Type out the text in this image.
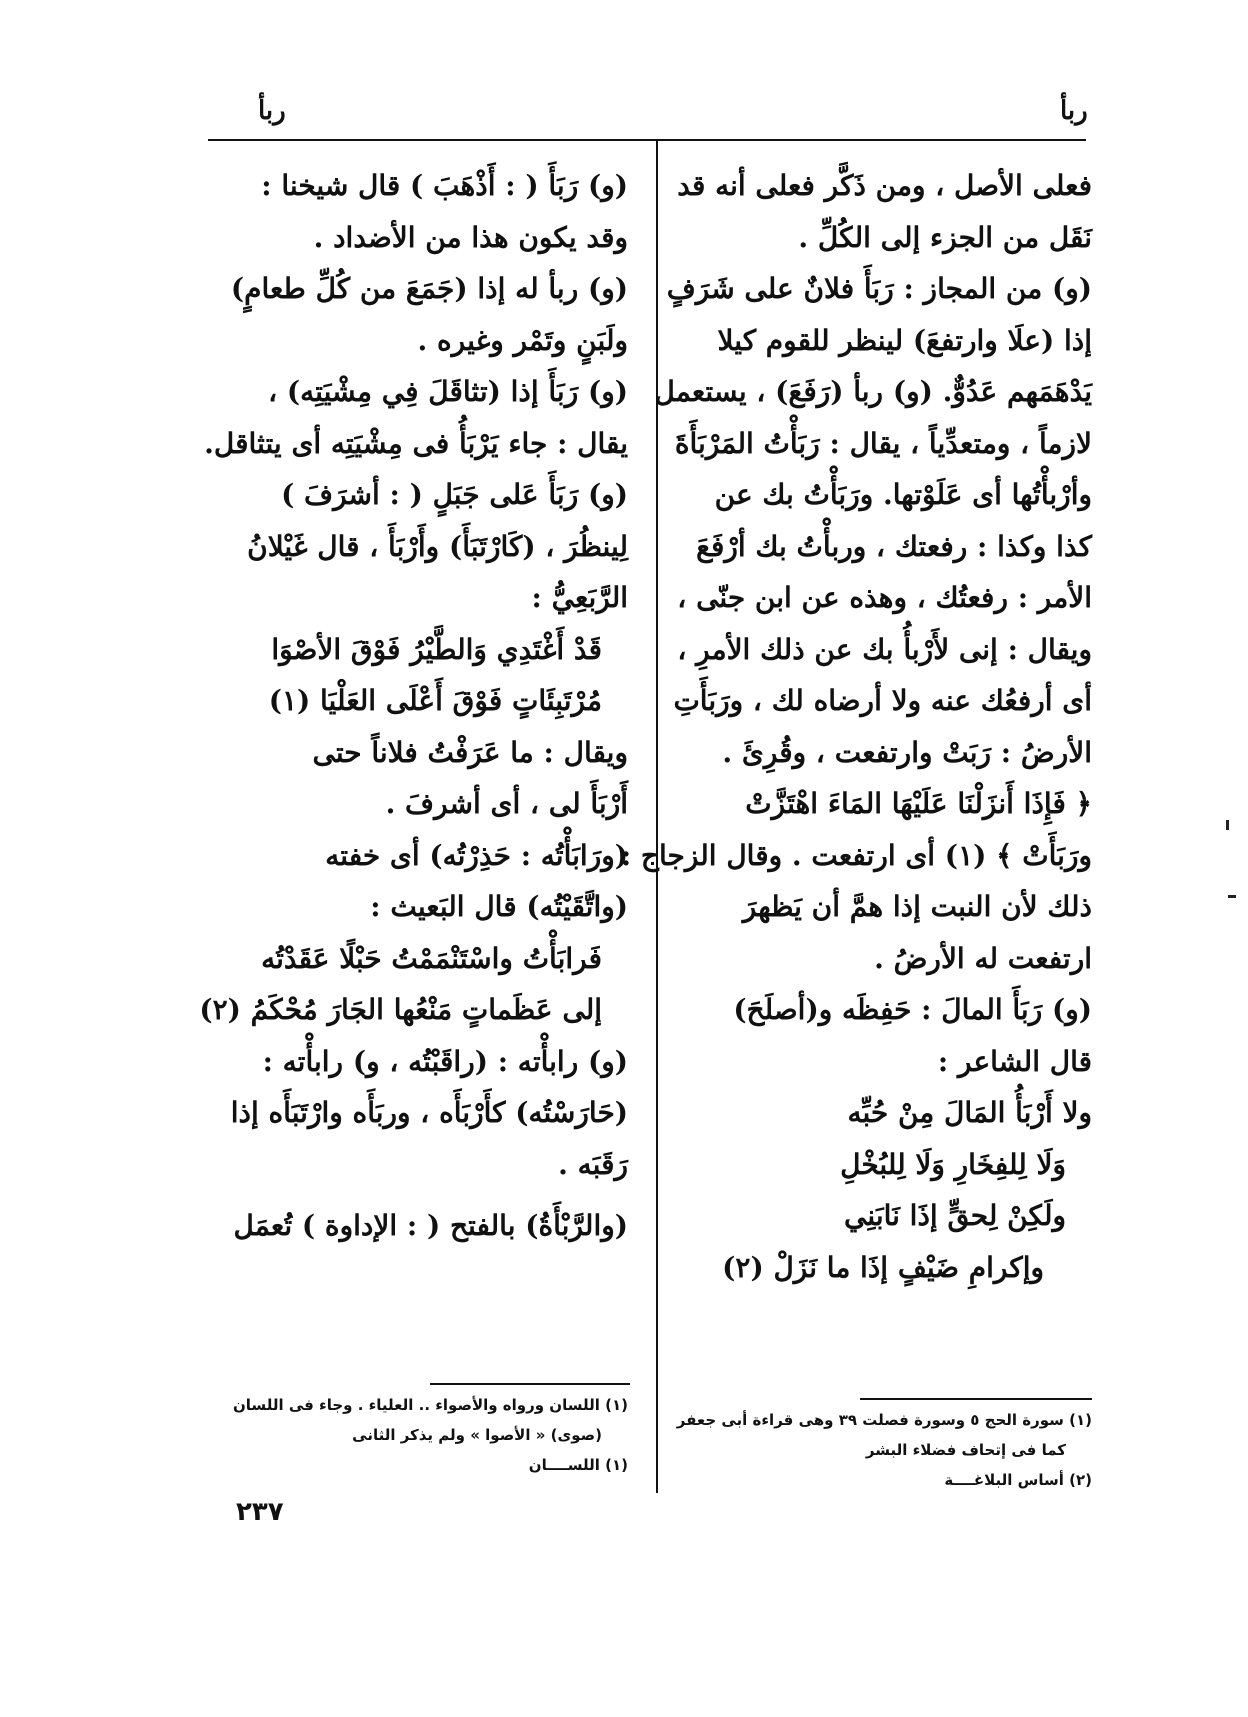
ربأ
ربأ
فعلى الأصل ، ومن ذَكَّر فعلى أنه قد
نَقَل من الجزء إلى الكُلِّ .
(و) من المجاز : رَبَأَ فلانٌ على شَرَفٍ
إذا (علَا وارتفعَ) لينظر للقوم كيلا
يَدْهَمَهم عَدُوٌّ. (و) ربأ (رَفَعَ) ، يستعمل
لازماً ، ومتعدِّياً ، يقال : رَبَأْتُ المَرْبَأَةَ
وأرْبأْتُها أى عَلَوْتها. ورَبَأْتُ بك عن
كذا وكذا : رفعتك ، وربأْتُ بك أرْفَعَ
الأمر : رفعتُك ، وهذه عن ابن جنّى ،
ويقال : إنى لأَرْبأُ بك عن ذلك الأمرِ ،
أى أرفعُك عنه ولا أرضاه لك ، ورَبَأَتِ
الأرضُ : رَبَتْ وارتفعت ، وقُرِئَ .
﴿ فَإِذَا أَنزَلْنَا عَلَيْهَا المَاءَ اهْتَزَّتْ
ورَبَأَتْ ﴾ (١) أى ارتفعت . وقال الزجاج :
ذلك لأن النبت إذا همَّ أن يَظهرَ
ارتفعت له الأرضُ .
(و) رَبَأَ المالَ : حَفِظَه و(أصلَحَ)
قال الشاعر :
ولا أَرْبَأُ المَالَ مِنْ حُبِّه
وَلَا لِلفِخَارِ وَلَا لِلبُخْلِ
ولَكِنْ لِحقٍّ إذَا نَابَنِي
وإكرامِ ضَيْفٍ إذَا ما نَزَلْ (٢)
(و) رَبَأَ ( : أَذْهَبَ ) قال شيخنا :
وقد يكون هذا من الأضداد .
(و) ربأ له إذا (جَمَعَ من كُلِّ طعامٍ)
ولَبَنٍ وتَمْر وغيره .
(و) رَبَأَ إذا (تثاقَلَ فِي مِشْيَتِه) ،
يقال : جاء يَرْبَأُ فى مِشْيَتِه أى يتثاقل.
(و) رَبَأَ عَلى جَبَلٍ ( : أشرَفَ )
لِينظُرَ ، (كَارْتَبَأَ) وأَرْبَأَ ، قال غَيْلانُ
الرَّبَعِيُّ :
قَدْ أَغْتَدِي وَالطَّيْرُ فَوْقَ الأصْوَا
مُرْتَبِئَاتٍ فَوْقَ أَعْلَى العَلْيَا (١)
ويقال : ما عَرَفْتُ فلاناً حتى
أَرْبَأَ لى ، أى أشرفَ .
(ورَابَأْتُه : حَذِرْتُه) أى خفته
(واتَّقَيْتُه) قال البَعيث :
فَرابَأْتُ واسْتَنْمَمْتُ حَبْلًا عَقَدْتُه
إلى عَظَماتٍ مَنْعُها الجَارَ مُحْكَمُ (٢)
(و) رابأْته : (راقَبْتُه ، و) رابأْته :
(حَارَسْتُه) كأَرْبَأَه ، وربَأَه وارْتَبَأَه إذا
رَقَبَه .
(والرَّبْأَةُ) بالفتح ( : الإداوة ) تُعمَل
(١) سورة الحج ٥ وسورة فصلت ٣٩ وهى قراءة أبى جعفر
كما فى إتحاف فضلاء البشر
(٢) أساس البلاغــــة
(١) اللسان ورواه والأصواء .. العلياء . وجاء فى اللسان
(صوى) « الأصوا » ولم يذكر الثانى
(١) اللســــان
٢٣٧
